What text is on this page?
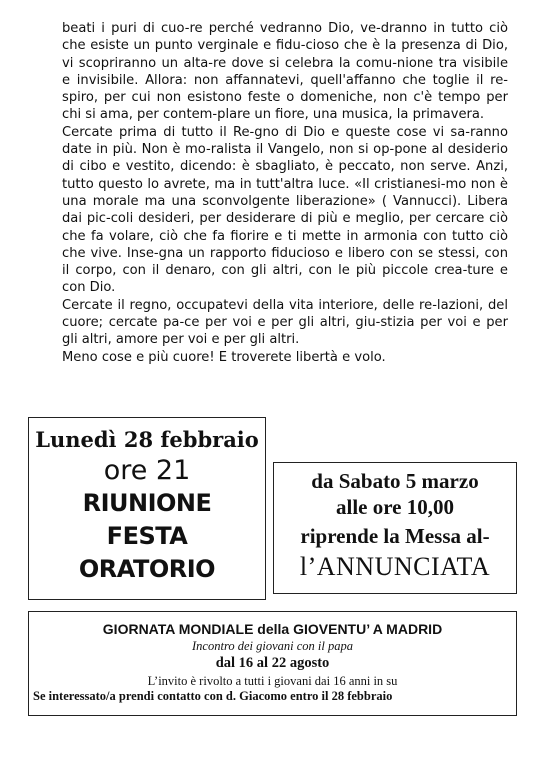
beati i puri di cuo-re perché vedranno Dio, ve-dranno in tutto ciò che esiste un punto verginale e fidu-cioso che è la presenza di Dio, vi scopriranno un alta-re dove si celebra la comu-nione tra visibile e invisibile. Allora: non affannatevi, quell'affanno che toglie il re-spiro, per cui non esistono feste o domeniche, non c'è tempo per chi si ama, per contem-plare un fiore, una musica, la primavera.

Cercate prima di tutto il Re-gno di Dio e queste cose vi sa-ranno date in più. Non è mo-ralista il Vangelo, non si op-pone al desiderio di cibo e vestito, dicendo: è sbagliato, è peccato, non serve. Anzi, tutto questo lo avrete, ma in tutt'altra luce. «Il cristianesi-mo non è una morale ma una sconvolgente liberazione» ( Vannucci). Libera dai pic-coli desideri, per desiderare di più e meglio, per cercare ciò che fa volare, ciò che fa fiorire e ti mette in armonia con tutto ciò che vive. Inse-gna un rapporto fiducioso e libero con se stessi, con il corpo, con il denaro, con gli altri, con le più piccole crea-ture e con Dio.

Cercate il regno, occupatevi della vita interiore, delle re-lazioni, del cuore; cercate pa-ce per voi e per gli altri, giu-stizia per voi e per gli altri, amore per voi e per gli altri.

Meno cose e più cuore! E troverete libertà e volo.

Lunedì 28 febbraio
ore 21
RIUNIONE
FESTA
ORATORIO
da Sabato 5 marzo
alle ore 10,00
riprende la Messa al-
l’ANNUNCIATA
GIORNATA MONDIALE della GIOVENTU’ A MADRID
Incontro dei giovani con il papa
dal 16 al 22 agosto
L’invito è rivolto a tutti i giovani dai 16 anni in su
Se interessato/a prendi contatto con d. Giacomo entro il 28 febbraio
